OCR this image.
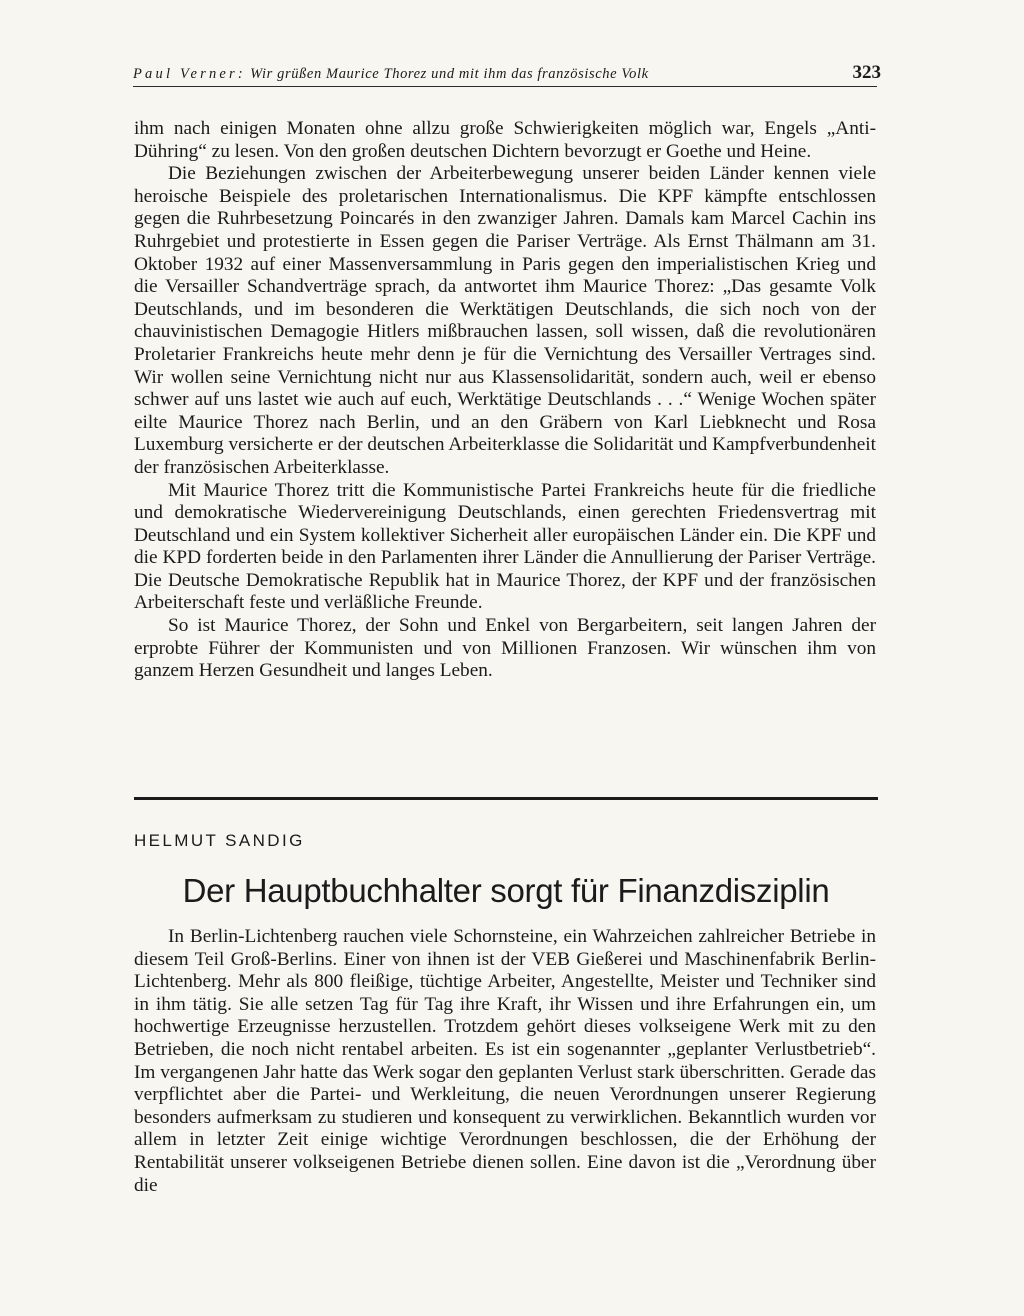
Paul Verner: Wir grüßen Maurice Thorez und mit ihm das französische Volk	323

ihm nach einigen Monaten ohne allzu große Schwierigkeiten möglich war, Engels „Anti-Dühring“ zu lesen. Von den großen deutschen Dichtern bevorzugt er Goethe und Heine.

Die Beziehungen zwischen der Arbeiterbewegung unserer beiden Länder kennen viele heroische Beispiele des proletarischen Internationalismus. Die KPF kämpfte entschlossen gegen die Ruhrbesetzung Poincarés in den zwanziger Jahren. Damals kam Marcel Cachin ins Ruhrgebiet und protestierte in Essen gegen die Pariser Verträge. Als Ernst Thälmann am 31. Oktober 1932 auf einer Massenversammlung in Paris gegen den imperialistischen Krieg und die Versailler Schandverträge sprach, da antwortet ihm Maurice Thorez: „Das gesamte Volk Deutschlands, und im besonderen die Werktätigen Deutschlands, die sich noch von der chauvinistischen Demagogie Hitlers mißbrauchen lassen, soll wissen, daß die revolutionären Proletarier Frankreichs heute mehr denn je für die Vernichtung des Versailler Vertrages sind. Wir wollen seine Vernichtung nicht nur aus Klassensolidarität, sondern auch, weil er ebenso schwer auf uns lastet wie auch auf euch, Werktätige Deutschlands . . .“ Wenige Wochen später eilte Maurice Thorez nach Berlin, und an den Gräbern von Karl Liebknecht und Rosa Luxemburg versicherte er der deutschen Arbeiterklasse die Solidarität und Kampfverbundenheit der französischen Arbeiterklasse.

Mit Maurice Thorez tritt die Kommunistische Partei Frankreichs heute für die friedliche und demokratische Wiedervereinigung Deutschlands, einen gerechten Friedensvertrag mit Deutschland und ein System kollektiver Sicherheit aller europäischen Länder ein. Die KPF und die KPD forderten beide in den Parlamenten ihrer Länder die Annullierung der Pariser Verträge. Die Deutsche Demokratische Republik hat in Maurice Thorez, der KPF und der französischen Arbeiterschaft feste und verläßliche Freunde.

So ist Maurice Thorez, der Sohn und Enkel von Bergarbeitern, seit langen Jahren der erprobte Führer der Kommunisten und von Millionen Franzosen. Wir wünschen ihm von ganzem Herzen Gesundheit und langes Leben.

HELMUT SANDIG
Der Hauptbuchhalter sorgt für Finanzdisziplin

In Berlin-Lichtenberg rauchen viele Schornsteine, ein Wahrzeichen zahlreicher Betriebe in diesem Teil Groß-Berlins. Einer von ihnen ist der VEB Gießerei und Maschinenfabrik Berlin-Lichtenberg. Mehr als 800 fleißige, tüchtige Arbeiter, Angestellte, Meister und Techniker sind in ihm tätig. Sie alle setzen Tag für Tag ihre Kraft, ihr Wissen und ihre Erfahrungen ein, um hochwertige Erzeugnisse herzustellen. Trotzdem gehört dieses volkseigene Werk mit zu den Betrieben, die noch nicht rentabel arbeiten. Es ist ein sogenannter „geplanter Verlustbetrieb“. Im vergangenen Jahr hatte das Werk sogar den geplanten Verlust stark überschritten. Gerade das verpflichtet aber die Partei- und Werkleitung, die neuen Verordnungen unserer Regierung besonders aufmerksam zu studieren und konsequent zu verwirklichen. Bekanntlich wurden vor allem in letzter Zeit einige wichtige Verordnungen beschlossen, die der Erhöhung der Rentabilität unserer volkseigenen Betriebe dienen sollen. Eine davon ist die „Verordnung über die
